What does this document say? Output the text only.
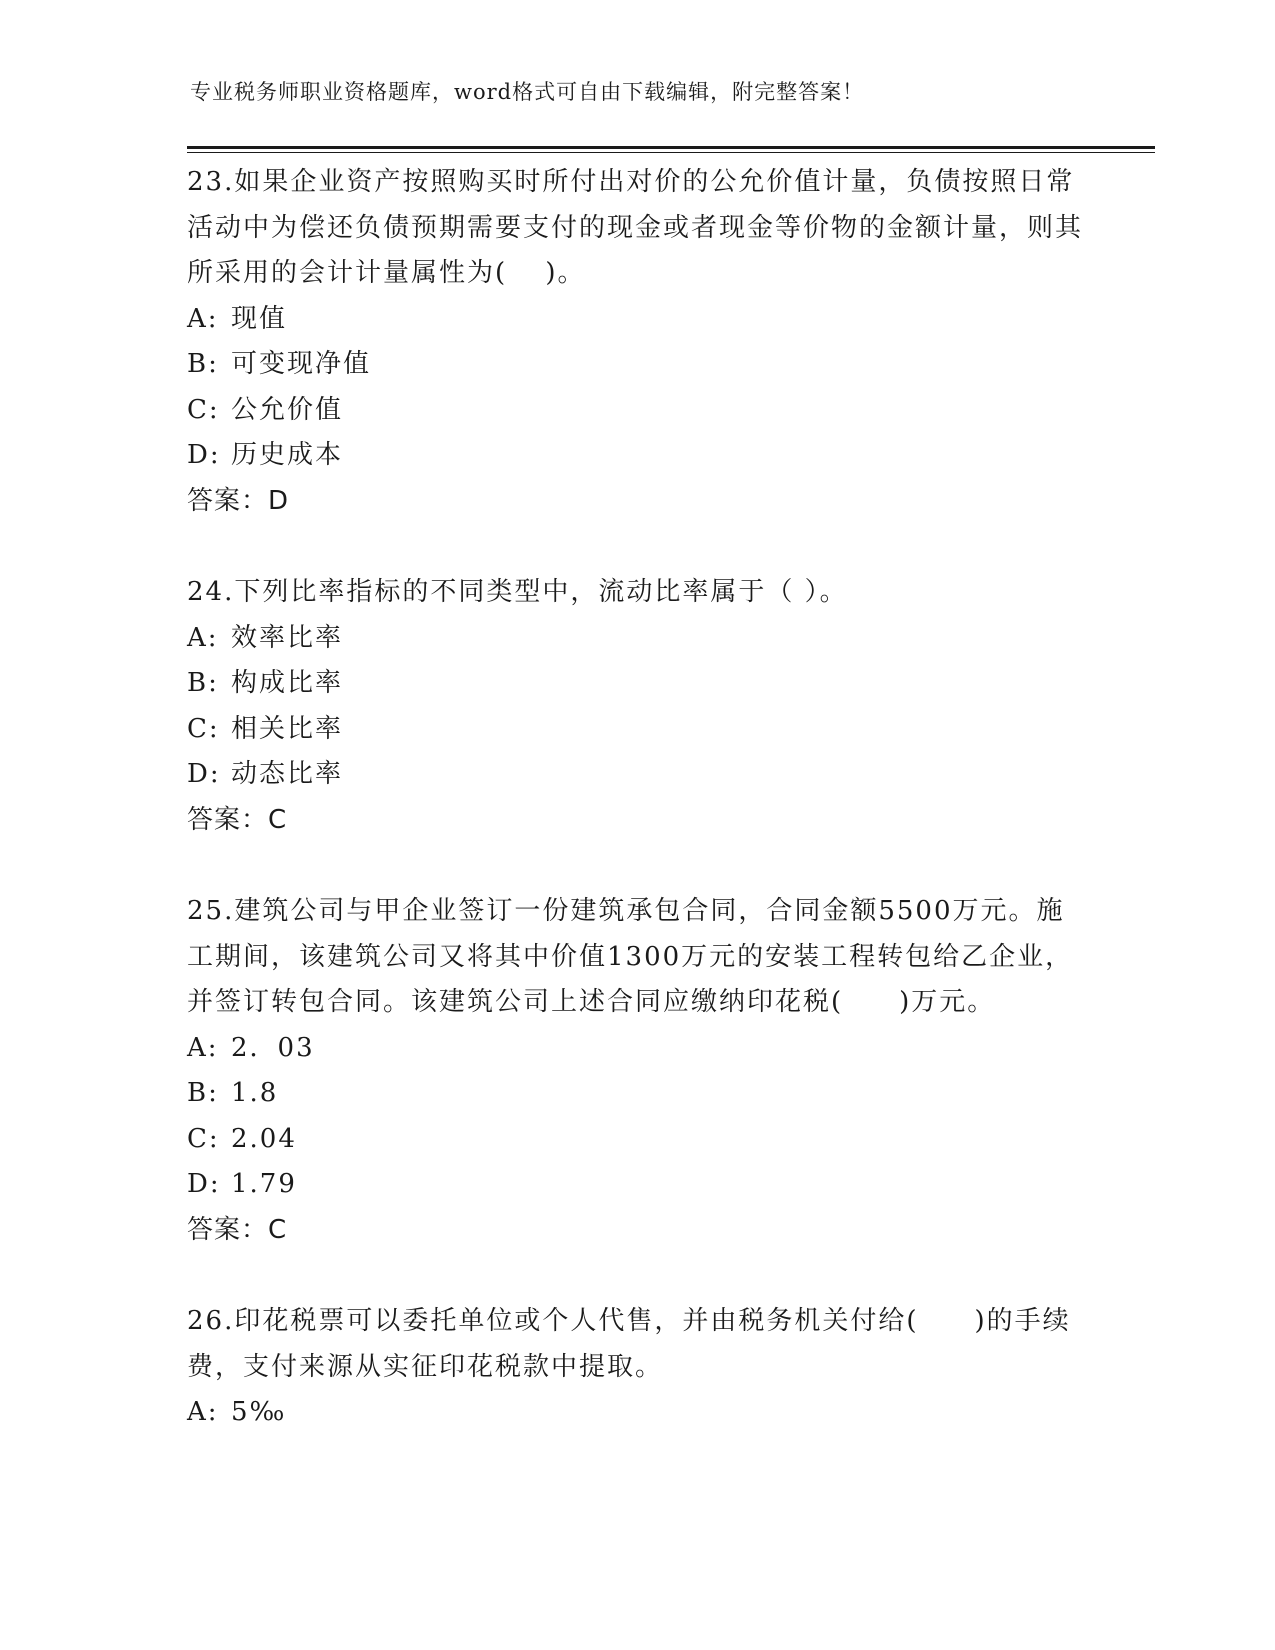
专业税务师职业资格题库，word格式可自由下载编辑，附完整答案！

23.如果企业资产按照购买时所付出对价的公允价值计量，负债按照日常活动中为偿还负债预期需要支付的现金或者现金等价物的金额计量，则其所采用的会计计量属性为(　 )。

A: 现值
B: 可变现净值
C: 公允价值
D: 历史成本
答案：D

24.下列比率指标的不同类型中，流动比率属于（ ）。

A: 效率比率
B: 构成比率
C: 相关比率
D: 动态比率
答案：C

25.建筑公司与甲企业签订一份建筑承包合同，合同金额5500万元。施工期间，该建筑公司又将其中价值1300万元的安装工程转包给乙企业，并签订转包合同。该建筑公司上述合同应缴纳印花税(　　)万元。

A: 2．03
B: 1.8
C: 2.04
D: 1.79
答案：C

26.印花税票可以委托单位或个人代售，并由税务机关付给(　　)的手续费，支付来源从实征印花税款中提取。

A: 5‰
